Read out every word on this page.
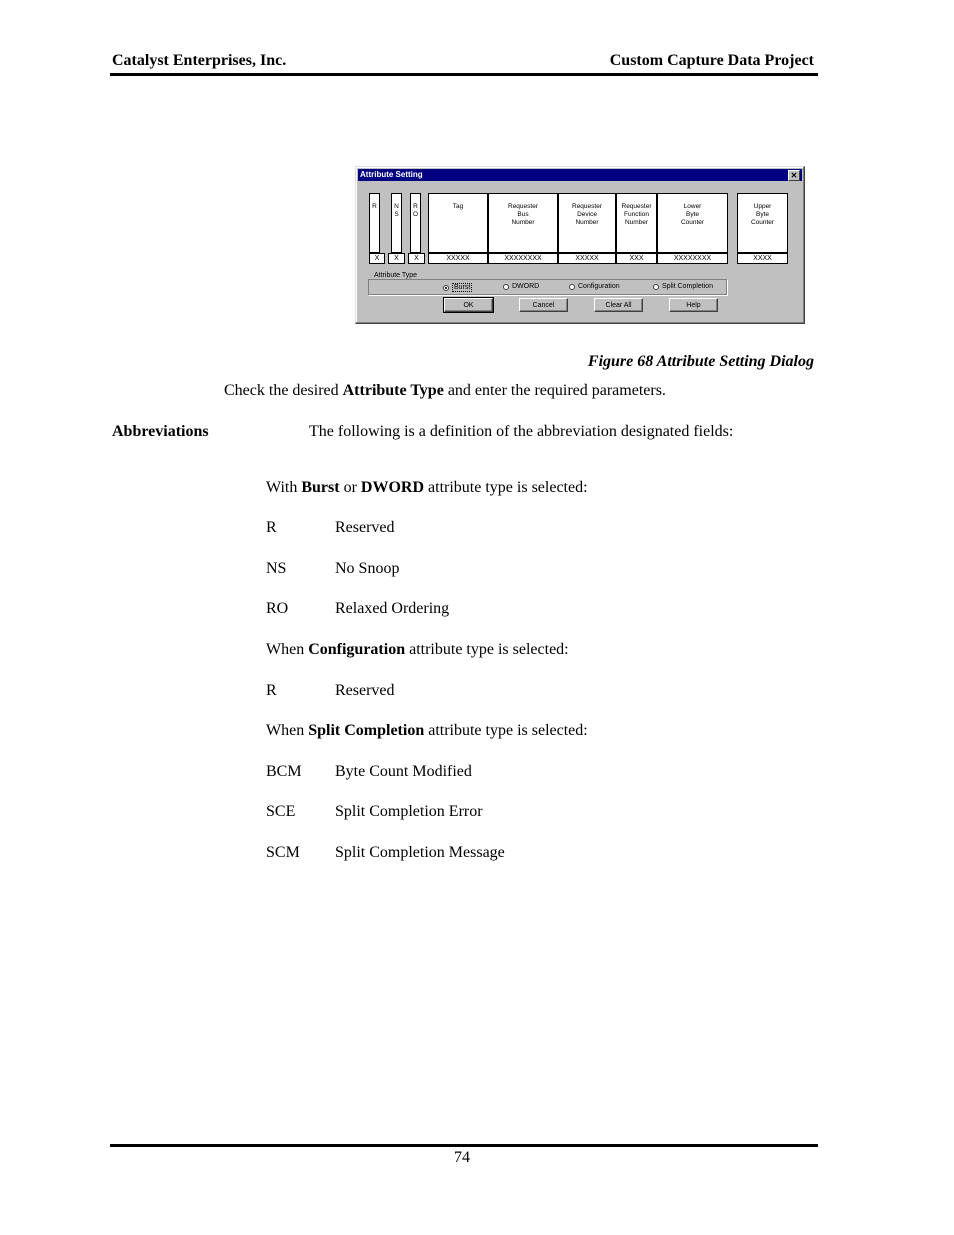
Catalyst Enterprises, Inc.	Custom Capture Data Project
Attribute Setting	✕
R	N
S
R
O
Tag	Requester
Bus
Number
Requester
Device
Number
Requester
Function
Number
Lower
Byte
Counter
Upper
Byte
Counter
X	X	X	XXXXX	XXXXXXXX	XXXXX	XXX	XXXXXXXX	XXXX
Attribute Type
Burst	DWORD	Configuration	Split Completion
OK	Cancel	Clear All	Help
Figure 68 Attribute Setting Dialog
Check the desired Attribute Type and enter the required parameters.
Abbreviations	The following is a definition of the abbreviation designated fields:
With Burst or DWORD attribute type is selected:
R	Reserved
NS	No Snoop
RO	Relaxed Ordering
When Configuration attribute type is selected:
R	Reserved
When Split Completion attribute type is selected:
BCM Byte Count Modified
SCE Split Completion Error
SCM Split Completion Message
74
